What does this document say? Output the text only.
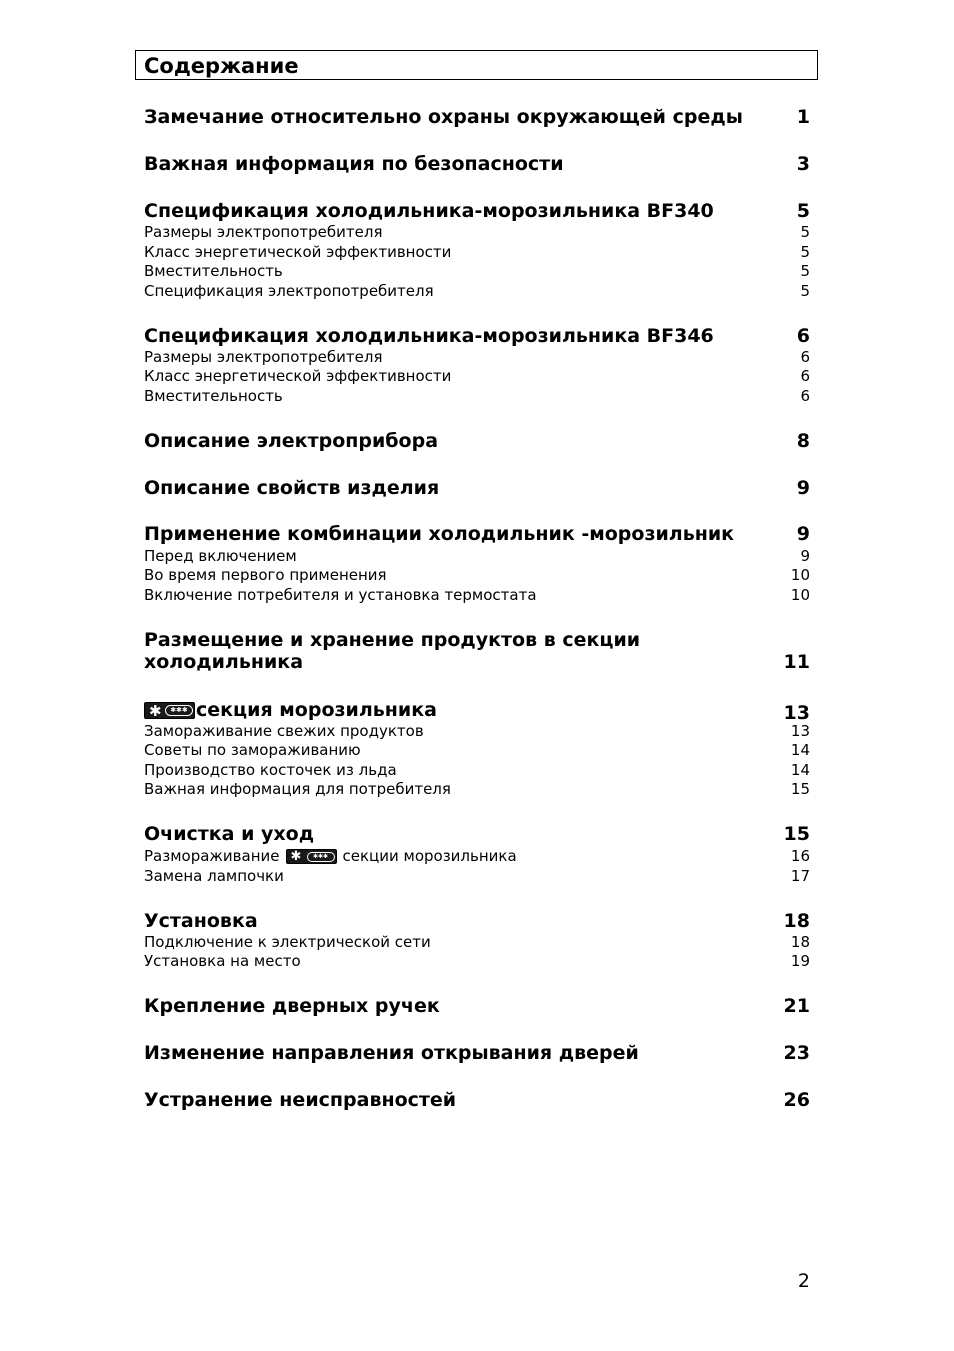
Содержание
Замечание относительно охраны окружающей среды	1
Важная информация по безопасности	3
Спецификация холодильника-морозильника BF340	5
Размеры электропотребителя	5
Класс энергетической эффективности	5
Вместительность	5
Спецификация электропотребителя	5
Спецификация холодильника-морозильника BF346	6
Размеры электропотребителя	6
Класс энергетической эффективности	6
Вместительность	6
Описание электроприбора	8
Описание свойств изделия	9
Применение комбинации холодильник -морозильник	9
Перед включением	9
Во время первого применения	10
Включение потребителя и установка термостата	10
Размещение и хранение продуктов в секции
холодильника	11
✱	✱✱✱ секция морозильника	13
Замораживание свежих продуктов	13
Советы по замораживанию	14
Производство косточек из льда	14
Важная информация для потребителя	15
Очистка и уход	15
Размораживание ✱	✱✱✱ секции морозильника	16
Замена лампочки	17
Установка	18
Подключение к электрической сети	18
Установка на место	19
Крепление дверных ручек	21
Изменение направления открывания дверей	23
Устранение неисправностей	26
2
